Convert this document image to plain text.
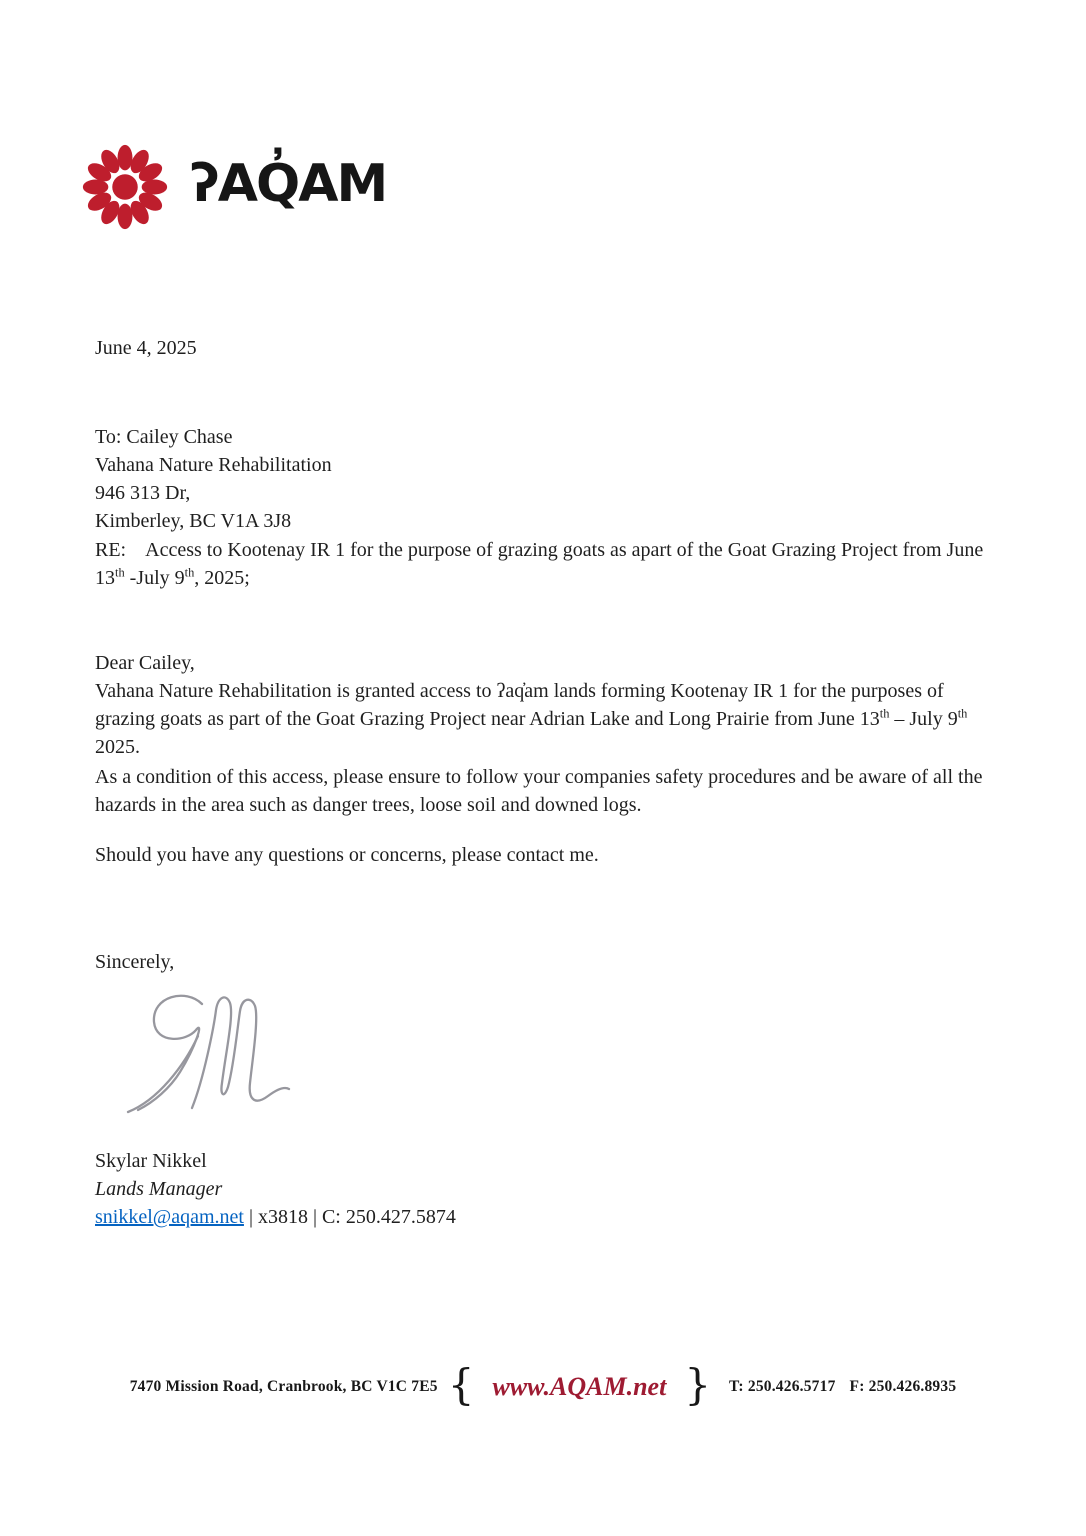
ʔAQ̓AM
June 4, 2025
To: Cailey Chase
Vahana Nature Rehabilitation
946 313 Dr,
Kimberley, BC V1A 3J8

RE: Access to Kootenay IR 1 for the purpose of grazing goats as apart of the Goat Grazing Project from June 13th -July 9th, 2025;

Dear Cailey,

Vahana Nature Rehabilitation is granted access to ʔaq̓am lands forming Kootenay IR 1 for the purposes of grazing goats as part of the Goat Grazing Project near Adrian Lake and Long Prairie from June 13th – July 9th 2025.

As a condition of this access, please ensure to follow your companies safety procedures and be aware of all the hazards in the area such as danger trees, loose soil and downed logs.

Should you have any questions or concerns, please contact me.

Sincerely,
Skylar Nikkel
Lands Manager
snikkel@aqam.net | x3818 | C: 250.427.5874
7470 Mission Road, Cranbrook, BC V1C 7E5 { www.AQAM.net } T: 250.426.5717 F: 250.426.8935
